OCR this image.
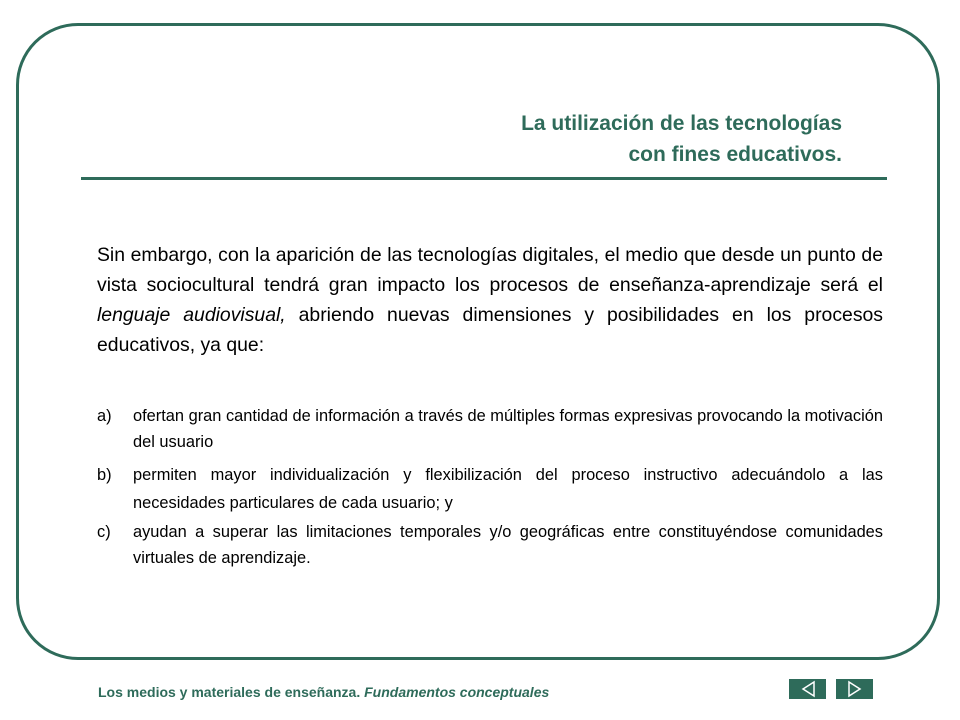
La utilización de las tecnologías
con fines educativos.

Sin embargo, con la aparición de las tecnologías digitales, el medio que desde un punto de vista sociocultural tendrá gran impacto los procesos de enseñanza-aprendizaje será el lenguaje audiovisual, abriendo nuevas dimensiones y posibilidades en los procesos educativos, ya que:

a) ofertan gran cantidad de información a través de múltiples formas expresivas provocando la motivación del usuario
b) permiten mayor individualización y flexibilización del proceso instructivo adecuándolo a las necesidades particulares de cada usuario; y
c) ayudan a superar las limitaciones temporales y/o geográficas entre constituyéndose comunidades virtuales de aprendizaje.
Los medios y materiales de enseñanza. Fundamentos conceptuales
